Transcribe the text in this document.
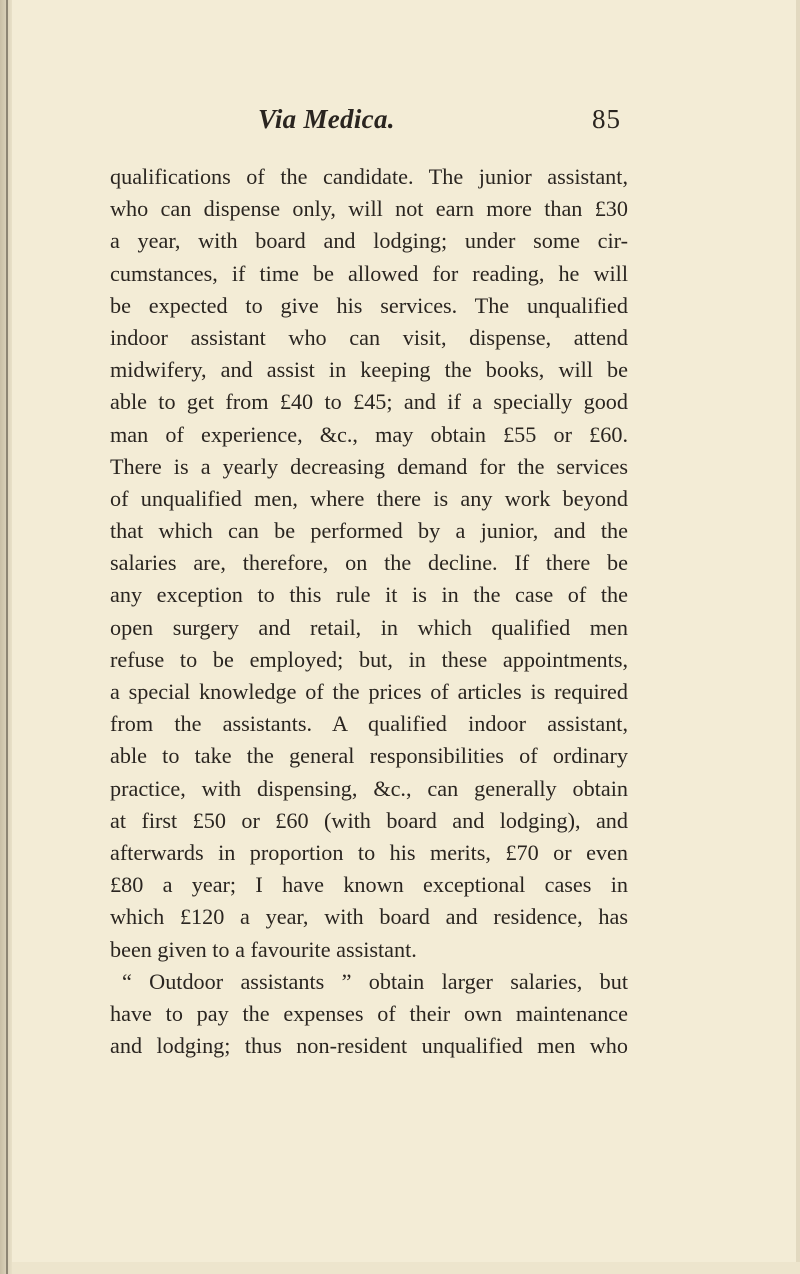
Via Medica.	85
qualifications of the candidate. The junior assistant,
who can dispense only, will not earn more than £30
a year, with board and lodging; under some cir-
cumstances, if time be allowed for reading, he will
be expected to give his services. The unqualified
indoor assistant who can visit, dispense, attend
midwifery, and assist in keeping the books, will be
able to get from £40 to £45; and if a specially good
man of experience, &c., may obtain £55 or £60.
There is a yearly decreasing demand for the services
of unqualified men, where there is any work beyond
that which can be performed by a junior, and the
salaries are, therefore, on the decline. If there be
any exception to this rule it is in the case of the
open surgery and retail, in which qualified men
refuse to be employed; but, in these appointments,
a special knowledge of the prices of articles is required
from the assistants. A qualified indoor assistant,
able to take the general responsibilities of ordinary
practice, with dispensing, &c., can generally obtain
at first £50 or £60 (with board and lodging), and
afterwards in proportion to his merits, £70 or even
£80 a year; I have known exceptional cases in
which £120 a year, with board and residence, has
been given to a favourite assistant.
“ Outdoor assistants ” obtain larger salaries, but
have to pay the expenses of their own maintenance
and lodging; thus non-resident unqualified men who
